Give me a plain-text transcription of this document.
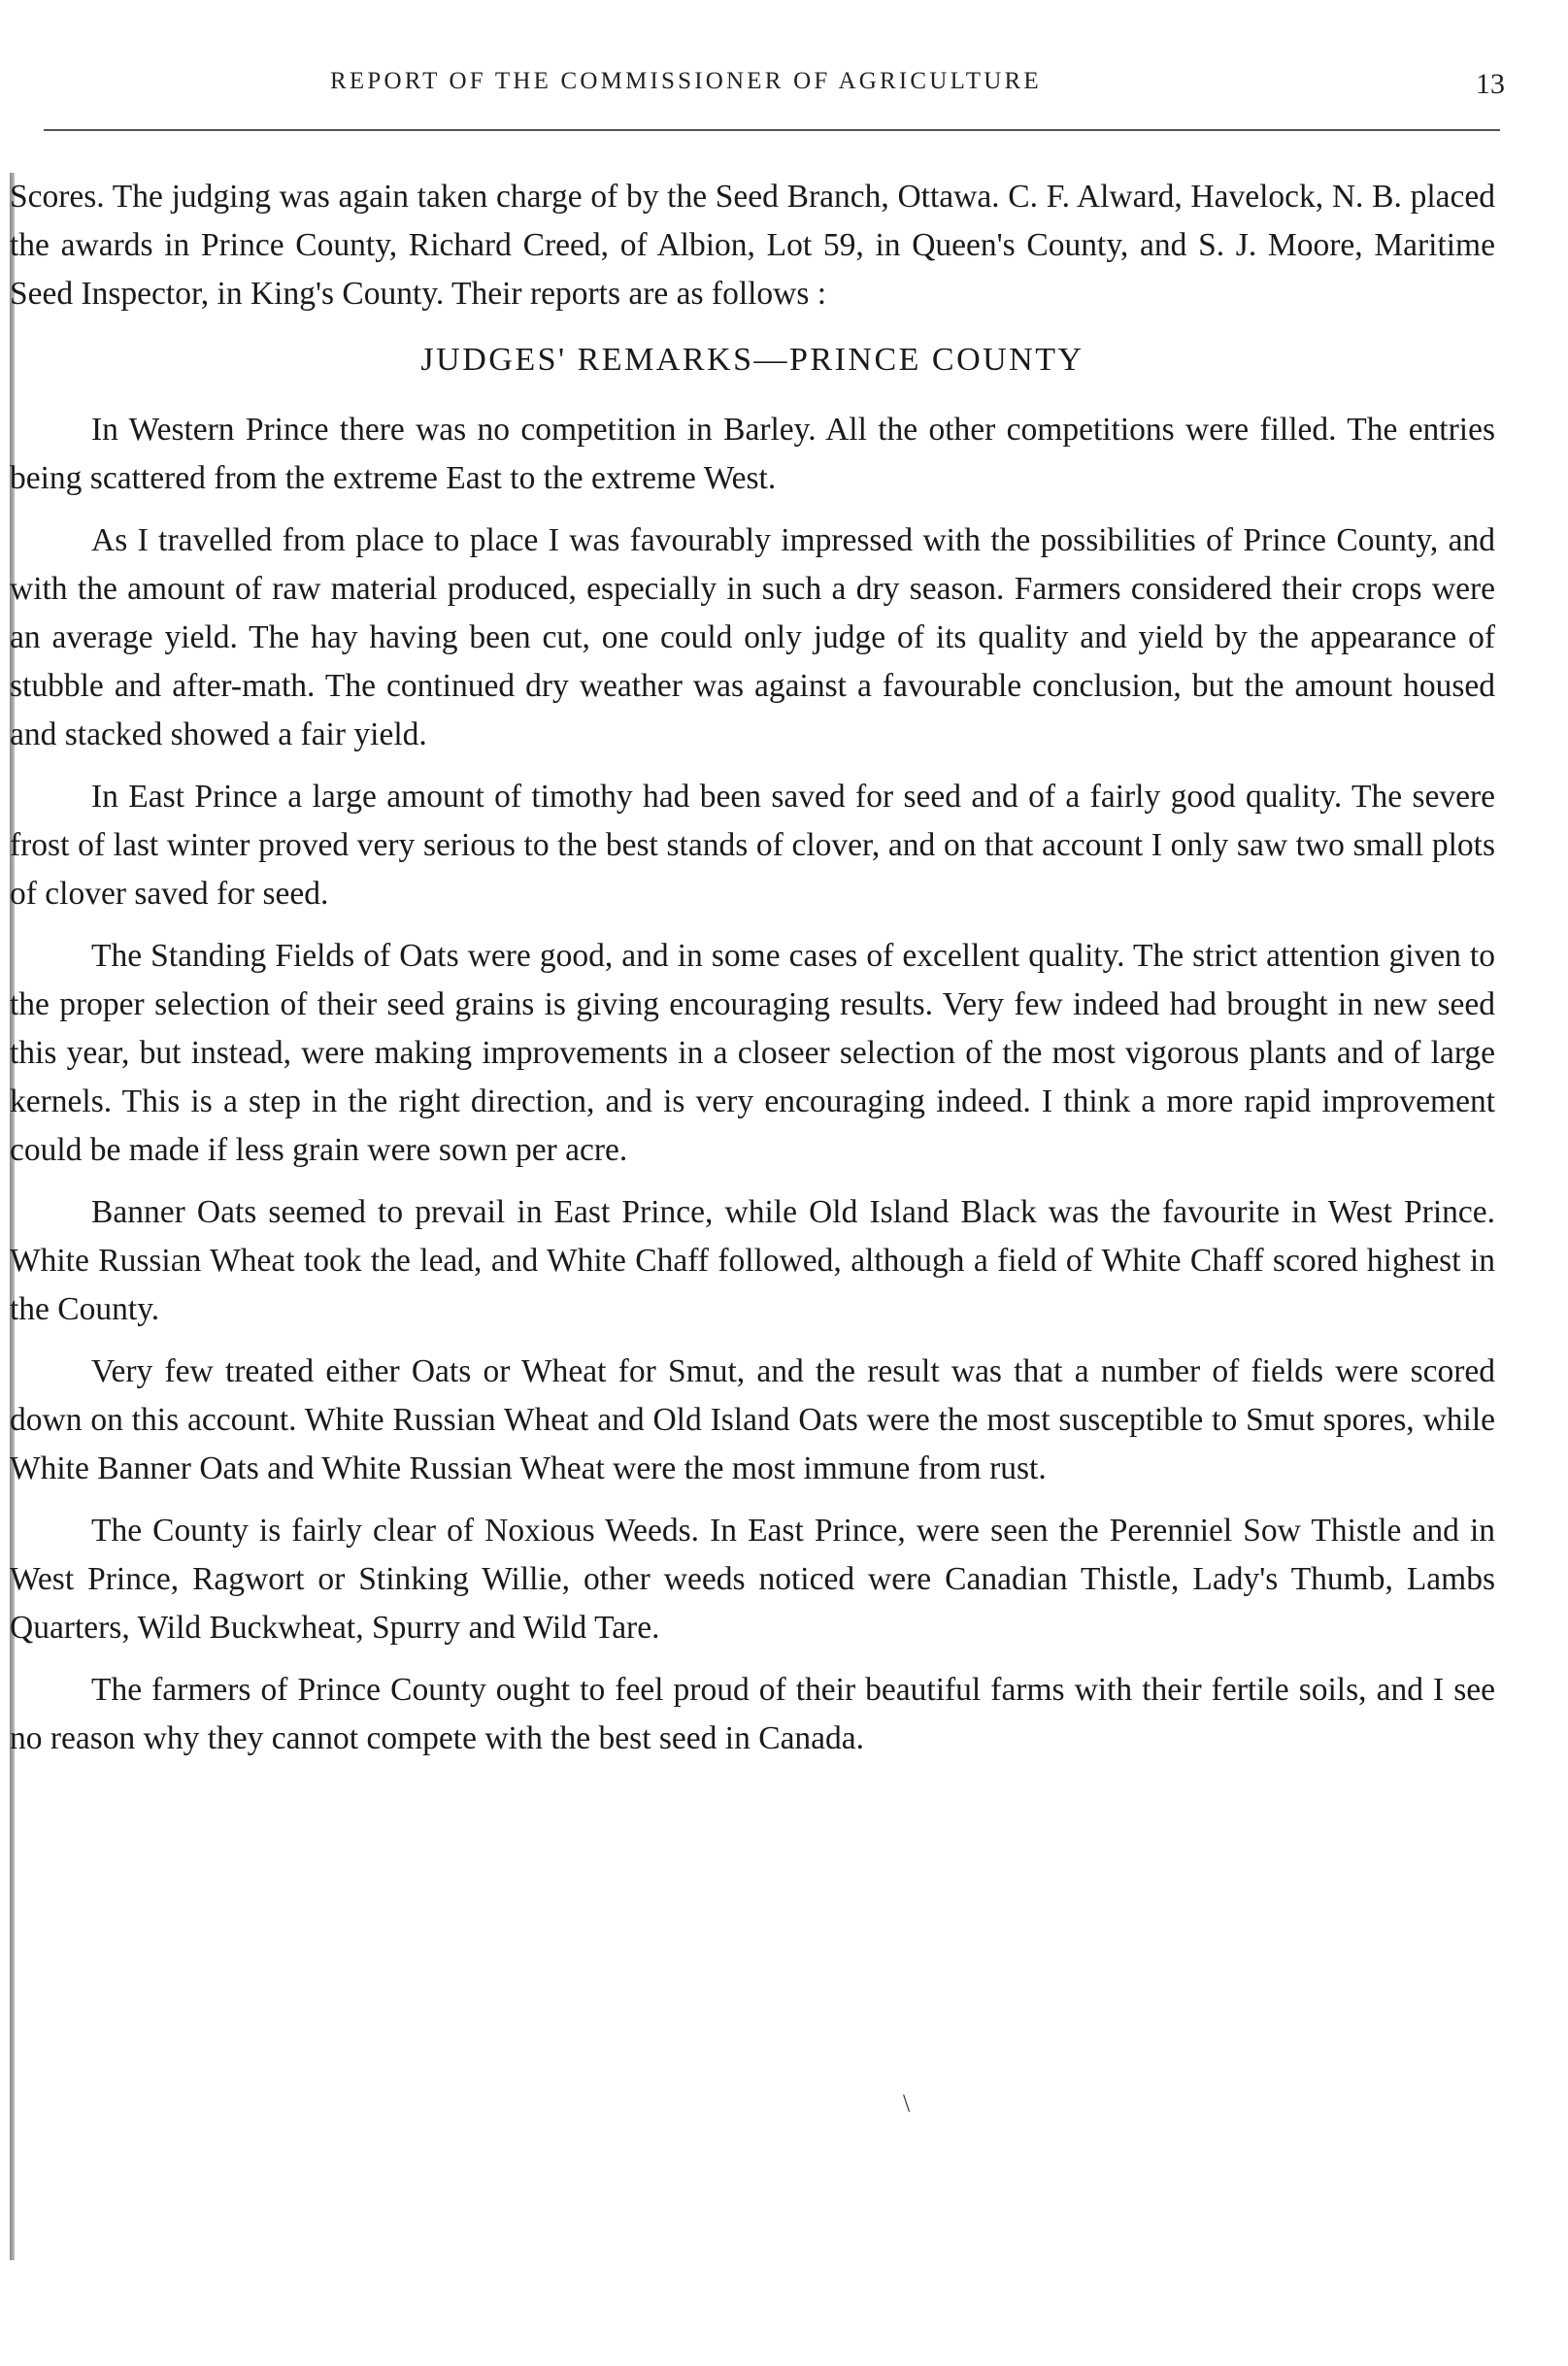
REPORT OF THE COMMISSIONER OF AGRICULTURE	13

Scores. The judging was again taken charge of by the Seed Branch, Ottawa. C. F. Alward, Havelock, N. B. placed the awards in Prince County, Richard Creed, of Albion, Lot 59, in Queen's County, and S. J. Moore, Maritime Seed Inspector, in King's County. Their reports are as follows :

JUDGES' REMARKS—PRINCE COUNTY

In Western Prince there was no competition in Barley. All the other competitions were filled. The entries being scattered from the extreme East to the extreme West.

As I travelled from place to place I was favourably impressed with the possibilities of Prince County, and with the amount of raw material produced, especially in such a dry season. Farmers considered their crops were an average yield. The hay having been cut, one could only judge of its quality and yield by the appearance of stubble and after-math. The continued dry weather was against a favourable conclusion, but the amount housed and stacked showed a fair yield.

In East Prince a large amount of timothy had been saved for seed and of a fairly good quality. The severe frost of last winter proved very serious to the best stands of clover, and on that account I only saw two small plots of clover saved for seed.

The Standing Fields of Oats were good, and in some cases of excellent quality. The strict attention given to the proper selection of their seed grains is giving encouraging results. Very few indeed had brought in new seed this year, but instead, were making improvements in a closeer selection of the most vigorous plants and of large kernels. This is a step in the right direction, and is very encouraging indeed. I think a more rapid improvement could be made if less grain were sown per acre.

Banner Oats seemed to prevail in East Prince, while Old Island Black was the favourite in West Prince. White Russian Wheat took the lead, and White Chaff followed, although a field of White Chaff scored highest in the County.

Very few treated either Oats or Wheat for Smut, and the result was that a number of fields were scored down on this account. White Russian Wheat and Old Island Oats were the most susceptible to Smut spores, while White Banner Oats and White Russian Wheat were the most immune from rust.

The County is fairly clear of Noxious Weeds. In East Prince, were seen the Perenniel Sow Thistle and in West Prince, Ragwort or Stinking Willie, other weeds noticed were Canadian Thistle, Lady's Thumb, Lambs Quarters, Wild Buckwheat, Spurry and Wild Tare.

The farmers of Prince County ought to feel proud of their beautiful farms with their fertile soils, and I see no reason why they cannot compete with the best seed in Canada.

\
